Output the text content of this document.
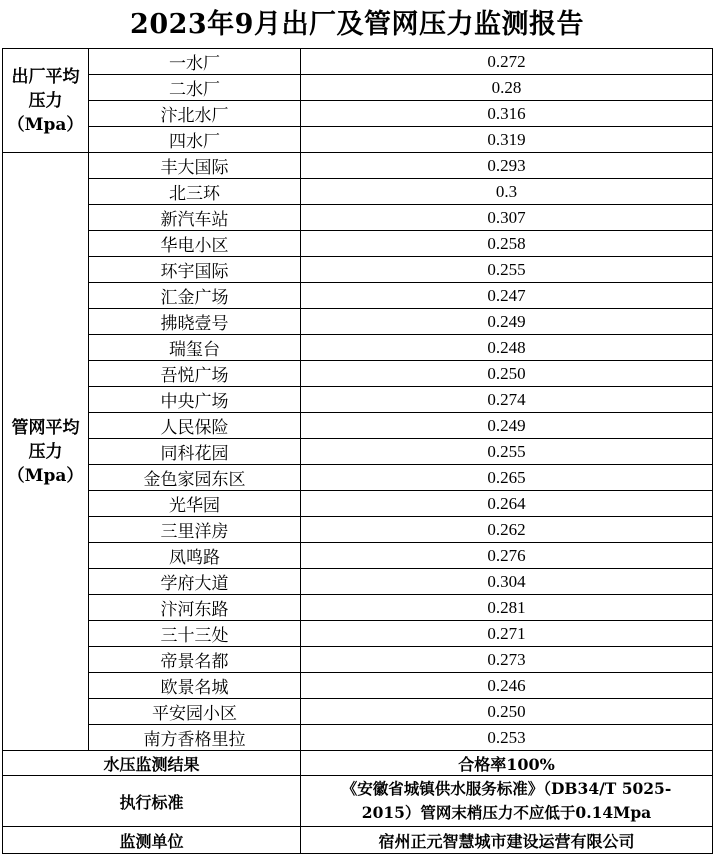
2023年9月出厂及管网压力监测报告
出厂平均
压力
（Mpa）	一水厂	0.272
	二水厂	0.28
	汴北水厂	0.316
	四水厂	0.319

管网平均
压力
（Mpa）	丰大国际	0.293
	北三环	0.3
	新汽车站	0.307
	华电小区	0.258
	环宇国际	0.255
	汇金广场	0.247
	拂晓壹号	0.249
	瑞玺台	0.248
	吾悦广场	0.250
	中央广场	0.274
	人民保险	0.249
	同科花园	0.255
	金色家园东区	0.265
	光华园	0.264
	三里洋房	0.262
	凤鸣路	0.276
	学府大道	0.304
	汴河东路	0.281
	三十三处	0.271
	帝景名都	0.273
	欧景名城	0.246
	平安园小区	0.250
	南方香格里拉	0.253
水压监测结果		合格率100%
执行标准		《安徽省城镇供水服务标准》（DB34/T 5025-
2015）管网末梢压力不应低于0.14Mpa
监测单位		宿州正元智慧城市建设运营有限公司
